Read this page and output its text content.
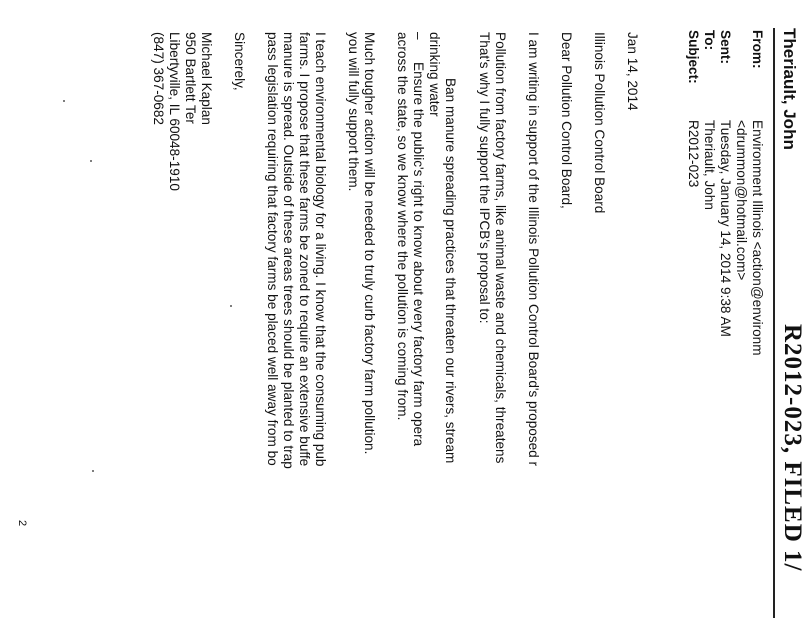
R2012-023, FILED 1/
Theriault, John
From:
Environment Illinois <action@environm
<drummon@hotmail.com>
Sent:
Tuesday, January 14, 2014 9:38 AM
To:
Theriault, John
Subject:
R2012-023
Jan 14, 2014
Illinois Pollution Control Board
Dear Pollution Control Board,
I am writing in support of the Illinois Pollution Control Board's proposed r
Pollution from factory farms, like animal waste and chemicals, threatens
That's why I fully support the IPCB's proposal to:
Ban manure spreading practices that threaten our rivers, stream
drinking water
–
Ensure the public's right to know about every factory farm opera
across the state, so we know where the pollution is coming from.
Much tougher action will be needed to truly curb factory farm pollution.
you will fully support them.
I teach environmental biology for a living. I know that the consuming pub
farms. I propose that these farms be zoned to require an extensive buffe
manure is spread. Outside of these areas trees should be planted to trap
pass legislation requiring that factory farms be placed well away from bo
Sincerely,
Michael Kaplan
950 Bartlett Ter
Libertyville, IL 60048-1910
(847) 367-0682
2
